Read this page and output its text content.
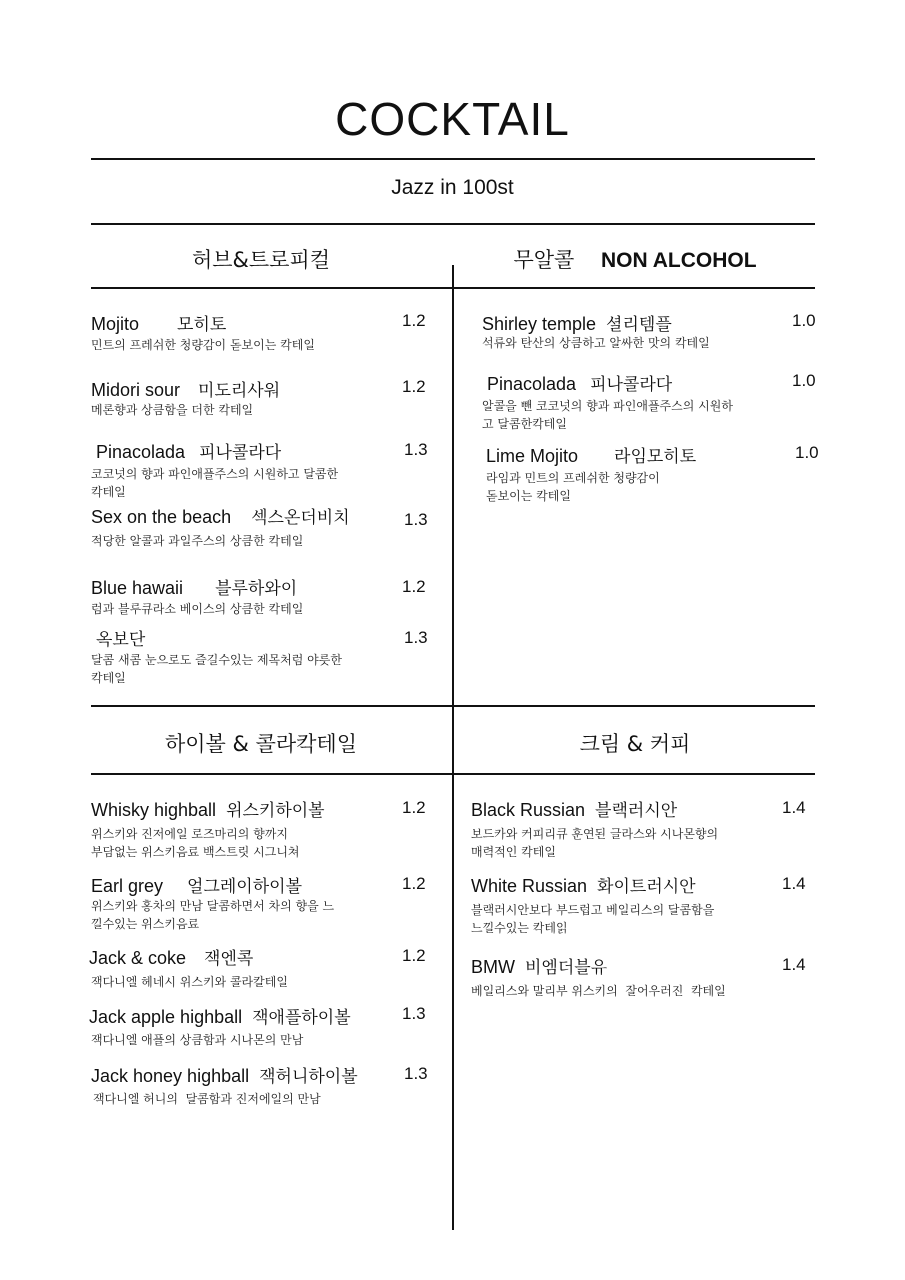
COCKTAIL
Jazz in 100st
허브&트로피컬	무알콜 NON ALCOHOL
하이볼 & 콜라칵테일	크림 & 커피
Mojito 모히토	1.2
민트의 프레쉬한 청량감이 돋보이는 칵테일
Midori sour 미도리사워	1.2
메론향과 상큼함을 더한 칵테일
Pinacolada 피나콜라다	1.3
코코넛의 향과 파인애플주스의 시원하고 달콤한
칵테일
Sex on the beach 섹스온더비치	1.3
적당한 알콜과 과일주스의 상큼한 칵테일
Blue hawaii 블루하와이	1.2
럼과 블루큐라소 베이스의 상큼한 칵테일
옥보단	1.3
달콤 새콤 눈으로도 즐길수있는 제목처럼 야릇한
칵테일
Shirley temple 셜리템플	1.0
석류와 탄산의 상큼하고 알싸한 맛의 칵테일
Pinacolada 피나콜라다	1.0
알콜을 뺀 코코넛의 향과 파인애플주스의 시원하
고 달콤한칵테일
Lime Mojito 라임모히토	1.0
라임과 민트의 프레쉬한 청량감이
돋보이는 칵테일
Whisky highball 위스키하이볼	1.2
위스키와 진저에일 로즈마리의 향까지
부담없는 위스키음료 백스트릿 시그니쳐
Earl grey 얼그레이하이볼	1.2
위스키와 홍차의 만남 달콤하면서 차의 향을 느
낄수있는 위스키음료
Jack & coke 잭엔콕	1.2
잭다니엘 헤네시 위스키와 콜라칼테일
Jack apple highball 잭애플하이볼	1.3
잭다니엘 애플의 상큼함과 시나몬의 만남
Jack honey highball 잭허니하이볼	1.3
잭다니엘 허니의  달콤함과 진저에일의 만남
Black Russian 블랙러시안	1.4
보드카와 커피리큐 훈연된 글라스와 시나몬향의
매력적인 칵테일
White Russian 화이트러시안	1.4
블랙러시안보다 부드럽고 베일리스의 달콤함을
느낄수있는 칵테읽
BMW 비엠더블유	1.4
베일리스와 말리부 위스키의  잘어우러진  칵테일
